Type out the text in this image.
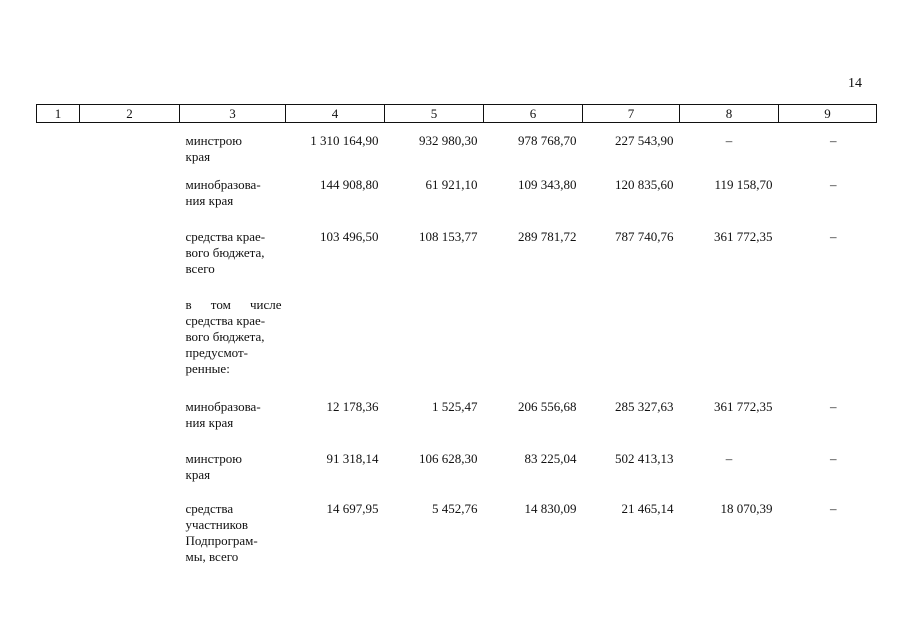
14
1	2	3	4	5	6	7	8	9

		минстрою
края	1 310 164,90	932 980,30	978 768,70	227 543,90	–	–

		минобразова-
ния края	144 908,80	61 921,10	109 343,80	120 835,60	119 158,70	–

		средства крае-
вого бюджета,
всего	103 496,50	108 153,77	289 781,72	787 740,76	361 772,35	–

		в том числе
средства крае-
вого бюджета,
предусмот-
ренные:						

		минобразова-
ния края	12 178,36	1 525,47	206 556,68	285 327,63	361 772,35	–

		минстрою
края	91 318,14	106 628,30	83 225,04	502 413,13	–	–

		средства
участников
Подпрограм-
мы, всего	14 697,95	5 452,76	14 830,09	21 465,14	18 070,39	–
